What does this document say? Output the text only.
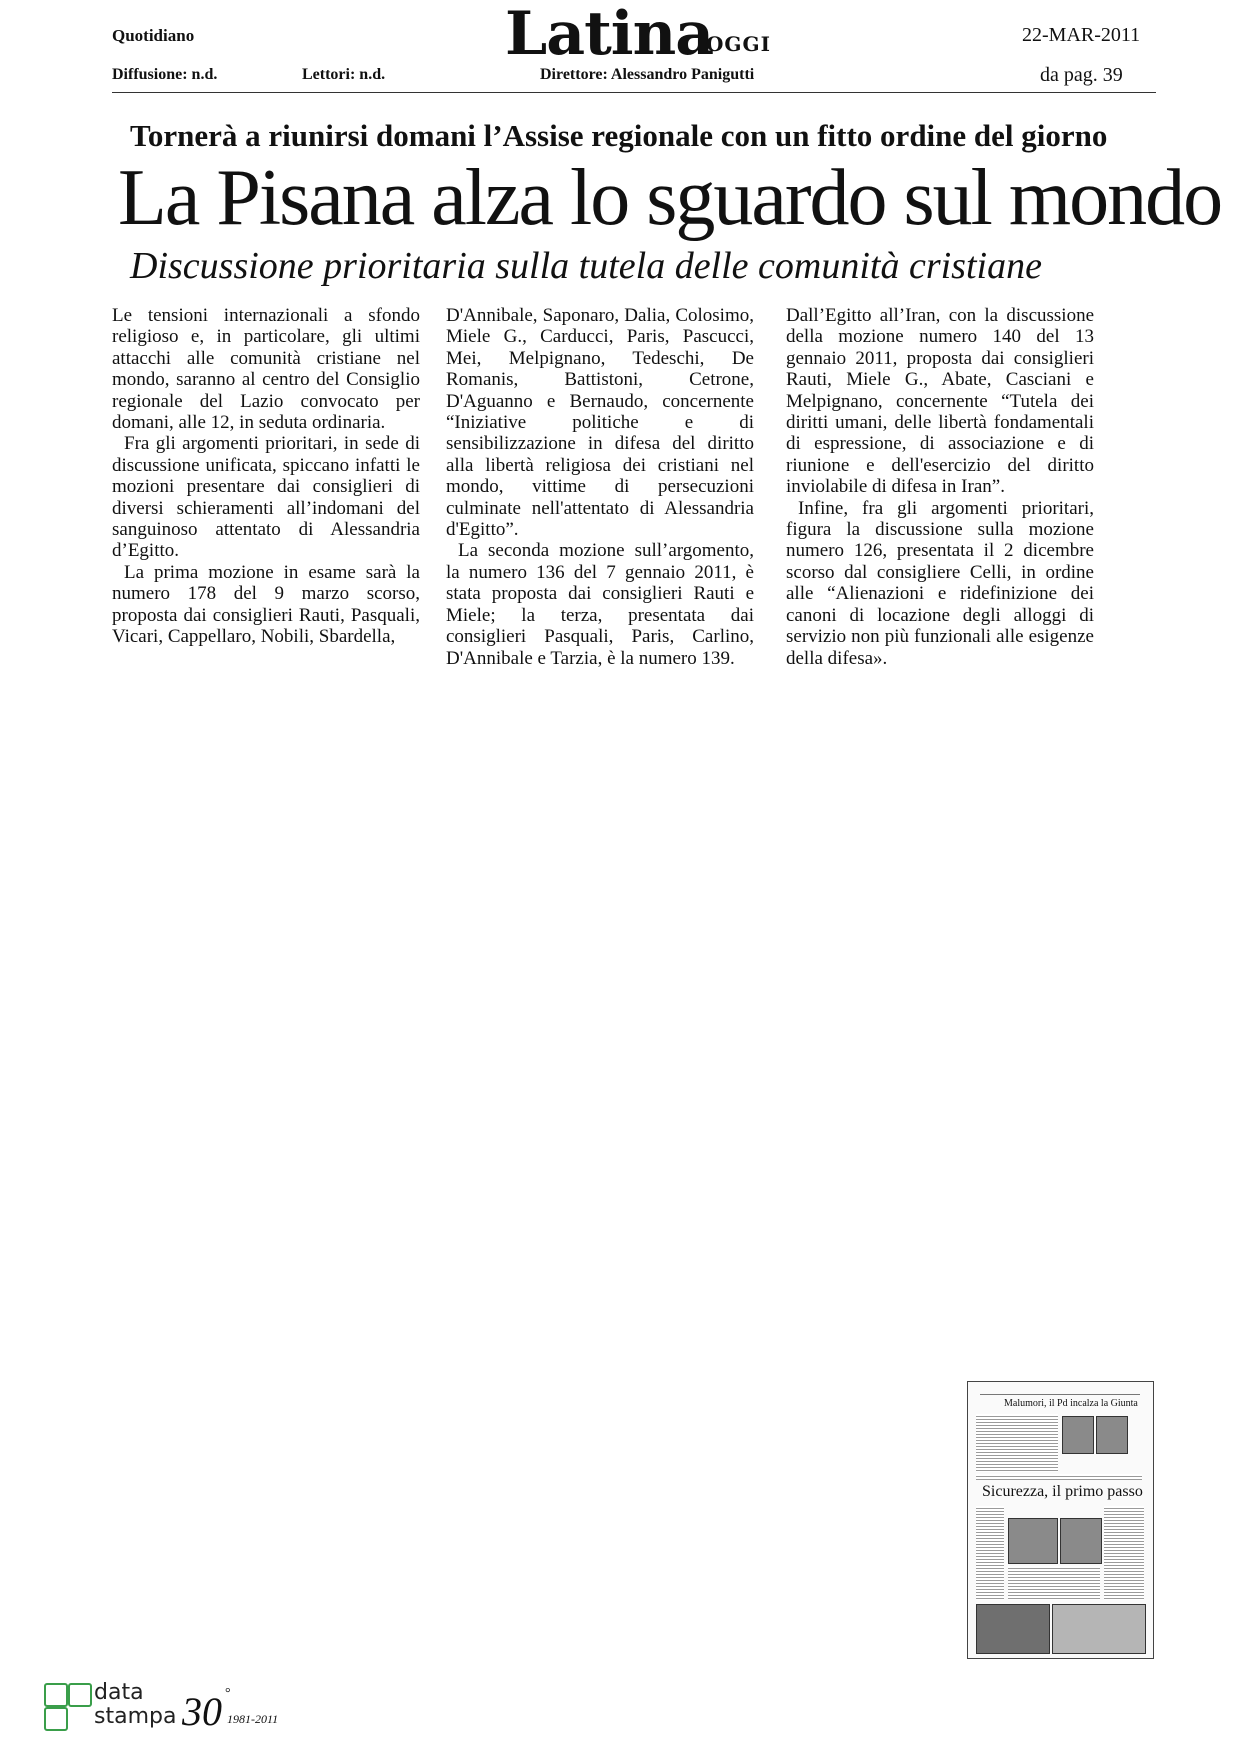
Quotidiano	Latina
OGGI	22-MAR-2011
Diffusione: n.d.	Lettori: n.d.	Direttore: Alessandro Panigutti	da pag. 39
Tornerà a riunirsi domani l’Assise regionale con un fitto ordine del giorno
La Pisana alza lo sguardo sul mondo
Discussione prioritaria sulla tutela delle comunità cristiane

Le tensioni internazionali a sfondo religioso e, in particolare, gli ultimi attacchi alle comunità cristiane nel mondo, saranno al centro del Consiglio regionale del Lazio convocato per domani, alle 12, in seduta ordinaria.

Fra gli argomenti prioritari, in sede di discussione unificata, spiccano infatti le mozioni presentare dai consiglieri di diversi schieramenti all’indomani del sanguinoso attentato di Alessandria d’Egitto.

La prima mozione in esame sarà la numero 178 del 9 marzo scorso, proposta dai consiglieri Rauti, Pasquali, Vicari, Cappellaro, Nobili, Sbardella,

D'Annibale, Saponaro, Dalia, Colosimo, Miele G., Carducci, Paris, Pascucci, Mei, Melpignano, Tedeschi, De Romanis, Battistoni, Cetrone, D'Aguanno e Bernaudo, concernente “Iniziative politiche e di sensibilizzazione in difesa del diritto alla libertà religiosa dei cristiani nel mondo, vittime di persecuzioni culminate nell'attentato di Alessandria d'Egitto”.

La seconda mozione sull’argomento, la numero 136 del 7 gennaio 2011, è stata proposta dai consiglieri Rauti e Miele; la terza, presentata dai consiglieri Pasquali, Paris, Carlino, D'Annibale e Tarzia, è la numero 139.

Dall’Egitto all’Iran, con la discussione della mozione numero 140 del 13 gennaio 2011, proposta dai consiglieri Rauti, Miele G., Abate, Casciani e Melpignano, concernente “Tutela dei diritti umani, delle libertà fondamentali di espressione, di associazione e di riunione e dell'esercizio del diritto inviolabile di difesa in Iran”.

Infine, fra gli argomenti prioritari, figura la discussione sulla mozione numero 126, presentata il 2 dicembre scorso dal consigliere Celli, in ordine alle “Alienazioni e ridefinizione dei canoni di locazione degli alloggi di servizio non più funzionali alle esigenze della difesa».

Malumori, il Pd incalza la Giunta
Sicurezza, il primo passo
data
stampa 30 °
1981-2011
